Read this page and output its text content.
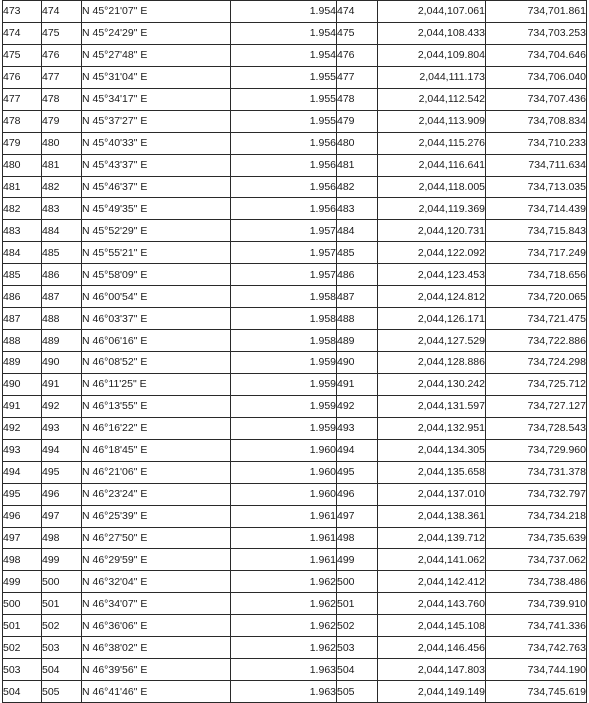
473	474	N 45°21'07" E	1.954	474	2,044,107.061	734,701.861
474	475	N 45°24'29" E	1.954	475	2,044,108.433	734,703.253
475	476	N 45°27'48" E	1.954	476	2,044,109.804	734,704.646
476	477	N 45°31'04" E	1.955	477	2,044,111.173	734,706.040
477	478	N 45°34'17" E	1.955	478	2,044,112.542	734,707.436
478	479	N 45°37'27" E	1.955	479	2,044,113.909	734,708.834
479	480	N 45°40'33" E	1.956	480	2,044,115.276	734,710.233
480	481	N 45°43'37" E	1.956	481	2,044,116.641	734,711.634
481	482	N 45°46'37" E	1.956	482	2,044,118.005	734,713.035
482	483	N 45°49'35" E	1.956	483	2,044,119.369	734,714.439
483	484	N 45°52'29" E	1.957	484	2,044,120.731	734,715.843
484	485	N 45°55'21" E	1.957	485	2,044,122.092	734,717.249
485	486	N 45°58'09" E	1.957	486	2,044,123.453	734,718.656
486	487	N 46°00'54" E	1.958	487	2,044,124.812	734,720.065
487	488	N 46°03'37" E	1.958	488	2,044,126.171	734,721.475
488	489	N 46°06'16" E	1.958	489	2,044,127.529	734,722.886
489	490	N 46°08'52" E	1.959	490	2,044,128.886	734,724.298
490	491	N 46°11'25" E	1.959	491	2,044,130.242	734,725.712
491	492	N 46°13'55" E	1.959	492	2,044,131.597	734,727.127
492	493	N 46°16'22" E	1.959	493	2,044,132.951	734,728.543
493	494	N 46°18'45" E	1.960	494	2,044,134.305	734,729.960
494	495	N 46°21'06" E	1.960	495	2,044,135.658	734,731.378
495	496	N 46°23'24" E	1.960	496	2,044,137.010	734,732.797
496	497	N 46°25'39" E	1.961	497	2,044,138.361	734,734.218
497	498	N 46°27'50" E	1.961	498	2,044,139.712	734,735.639
498	499	N 46°29'59" E	1.961	499	2,044,141.062	734,737.062
499	500	N 46°32'04" E	1.962	500	2,044,142.412	734,738.486
500	501	N 46°34'07" E	1.962	501	2,044,143.760	734,739.910
501	502	N 46°36'06" E	1.962	502	2,044,145.108	734,741.336
502	503	N 46°38'02" E	1.962	503	2,044,146.456	734,742.763
503	504	N 46°39'56" E	1.963	504	2,044,147.803	734,744.190
504	505	N 46°41'46" E	1.963	505	2,044,149.149	734,745.619
